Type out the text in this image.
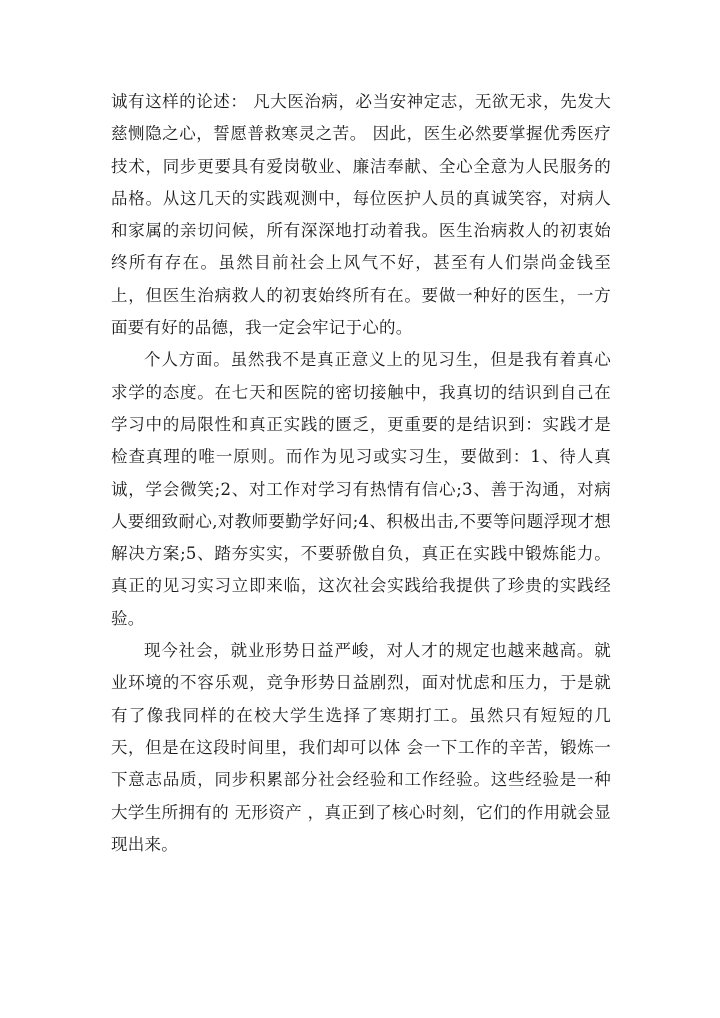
诚有这样的论述： 凡大医治病，必当安神定志，无欲无求，先发大慈恻隐之心，誓愿普救寒灵之苦。 因此，医生必然要掌握优秀医疗技术，同步更要具有爱岗敬业、廉洁奉献、全心全意为人民服务的品格。从这几天的实践观测中，每位医护人员的真诚笑容，对病人和家属的亲切问候，所有深深地打动着我。医生治病救人的初衷始终所有存在。虽然目前社会上风气不好，甚至有人们崇尚金钱至上，但医生治病救人的初衷始终所有在。要做一种好的医生，一方面要有好的品德，我一定会牢记于心的。

个人方面。虽然我不是真正意义上的见习生，但是我有着真心求学的态度。在七天和医院的密切接触中，我真切的结识到自己在学习中的局限性和真正实践的匮乏，更重要的是结识到：实践才是检查真理的唯一原则。而作为见习或实习生，要做到：1、待人真诚，学会微笑;2、对工作对学习有热情有信心;3、善于沟通，对病人要细致耐心,对教师要勤学好问;4、积极出击,不要等问题浮现才想解决方案;5、踏夯实实，不要骄傲自负，真正在实践中锻炼能力。真正的见习实习立即来临，这次社会实践给我提供了珍贵的实践经验。

现今社会，就业形势日益严峻，对人才的规定也越来越高。就业环境的不容乐观，竞争形势日益剧烈，面对忧虑和压力，于是就有了像我同样的在校大学生选择了寒期打工。虽然只有短短的几天，但是在这段时间里，我们却可以体 会一下工作的辛苦，锻炼一下意志品质，同步积累部分社会经验和工作经验。这些经验是一种大学生所拥有的 无形资产 ，真正到了核心时刻，它们的作用就会显现出来。
